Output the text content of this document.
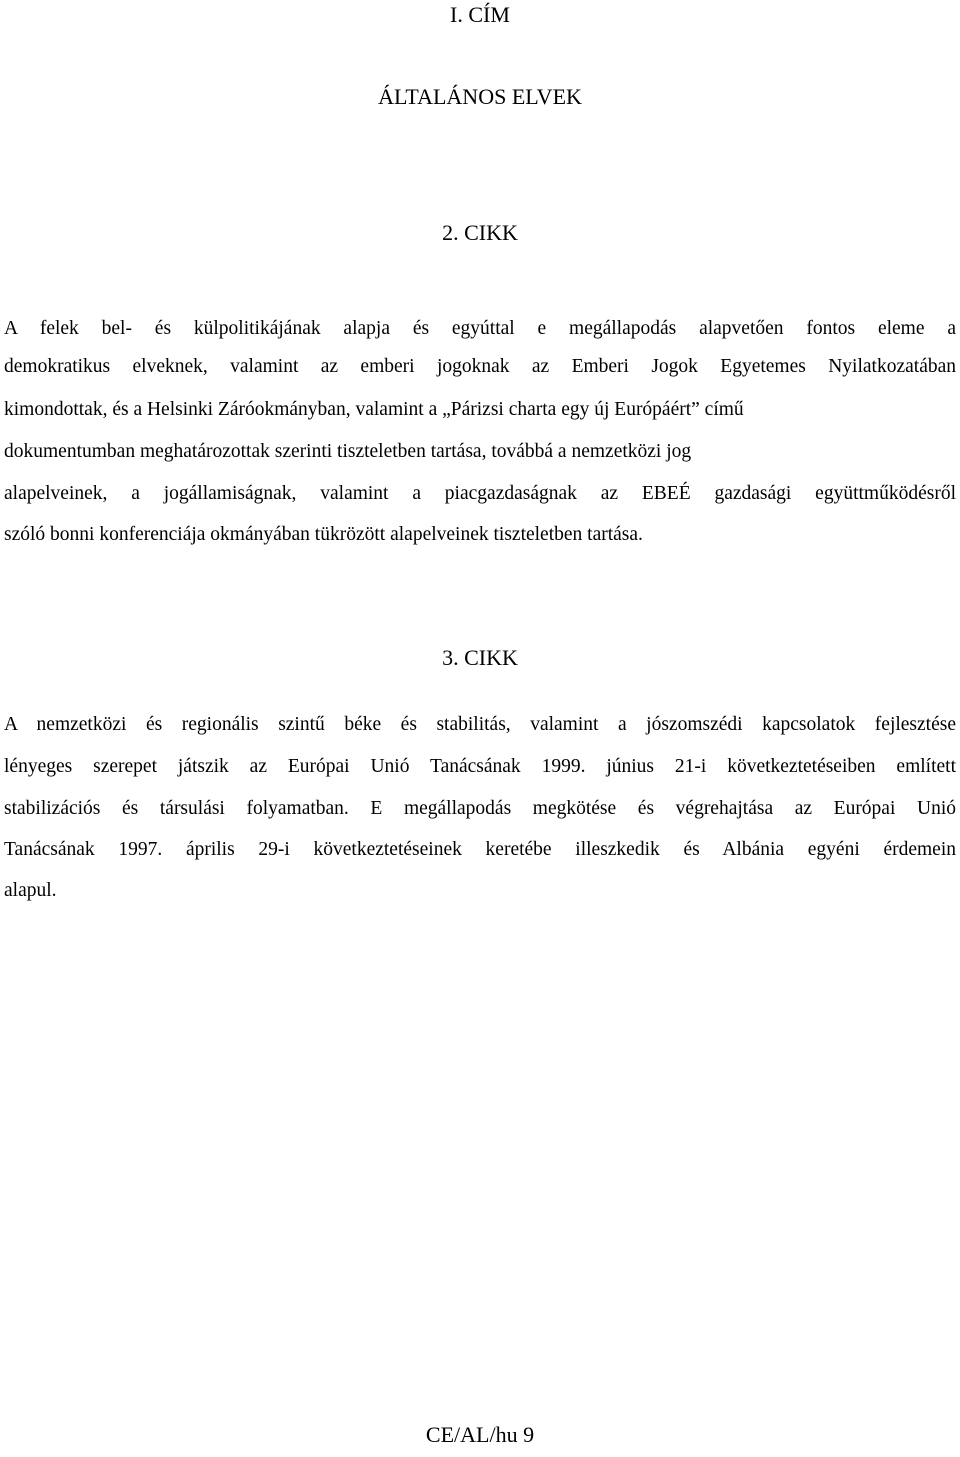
I. CÍM
ÁLTALÁNOS ELVEK
2. CIKK
A felek bel- és külpolitikájának alapja és egyúttal e megállapodás alapvetően fontos eleme a
demokratikus elveknek, valamint az emberi jogoknak az Emberi Jogok Egyetemes Nyilatkozatában
kimondottak, és a Helsinki Záróokmányban, valamint a „Párizsi charta egy új Európáért” című
dokumentumban meghatározottak szerinti tiszteletben tartása, továbbá a nemzetközi jog
alapelveinek, a jogállamiságnak, valamint a piacgazdaságnak az EBEÉ gazdasági együttműködésről
szóló bonni konferenciája okmányában tükrözött alapelveinek tiszteletben tartása.
3. CIKK
A nemzetközi és regionális szintű béke és stabilitás, valamint a jószomszédi kapcsolatok fejlesztése
lényeges szerepet játszik az Európai Unió Tanácsának 1999. június 21-i következtetéseiben említett
stabilizációs és társulási folyamatban. E megállapodás megkötése és végrehajtása az Európai Unió
Tanácsának 1997. április 29-i következtetéseinek keretébe illeszkedik és Albánia egyéni érdemein
alapul.
CE/AL/hu 9
